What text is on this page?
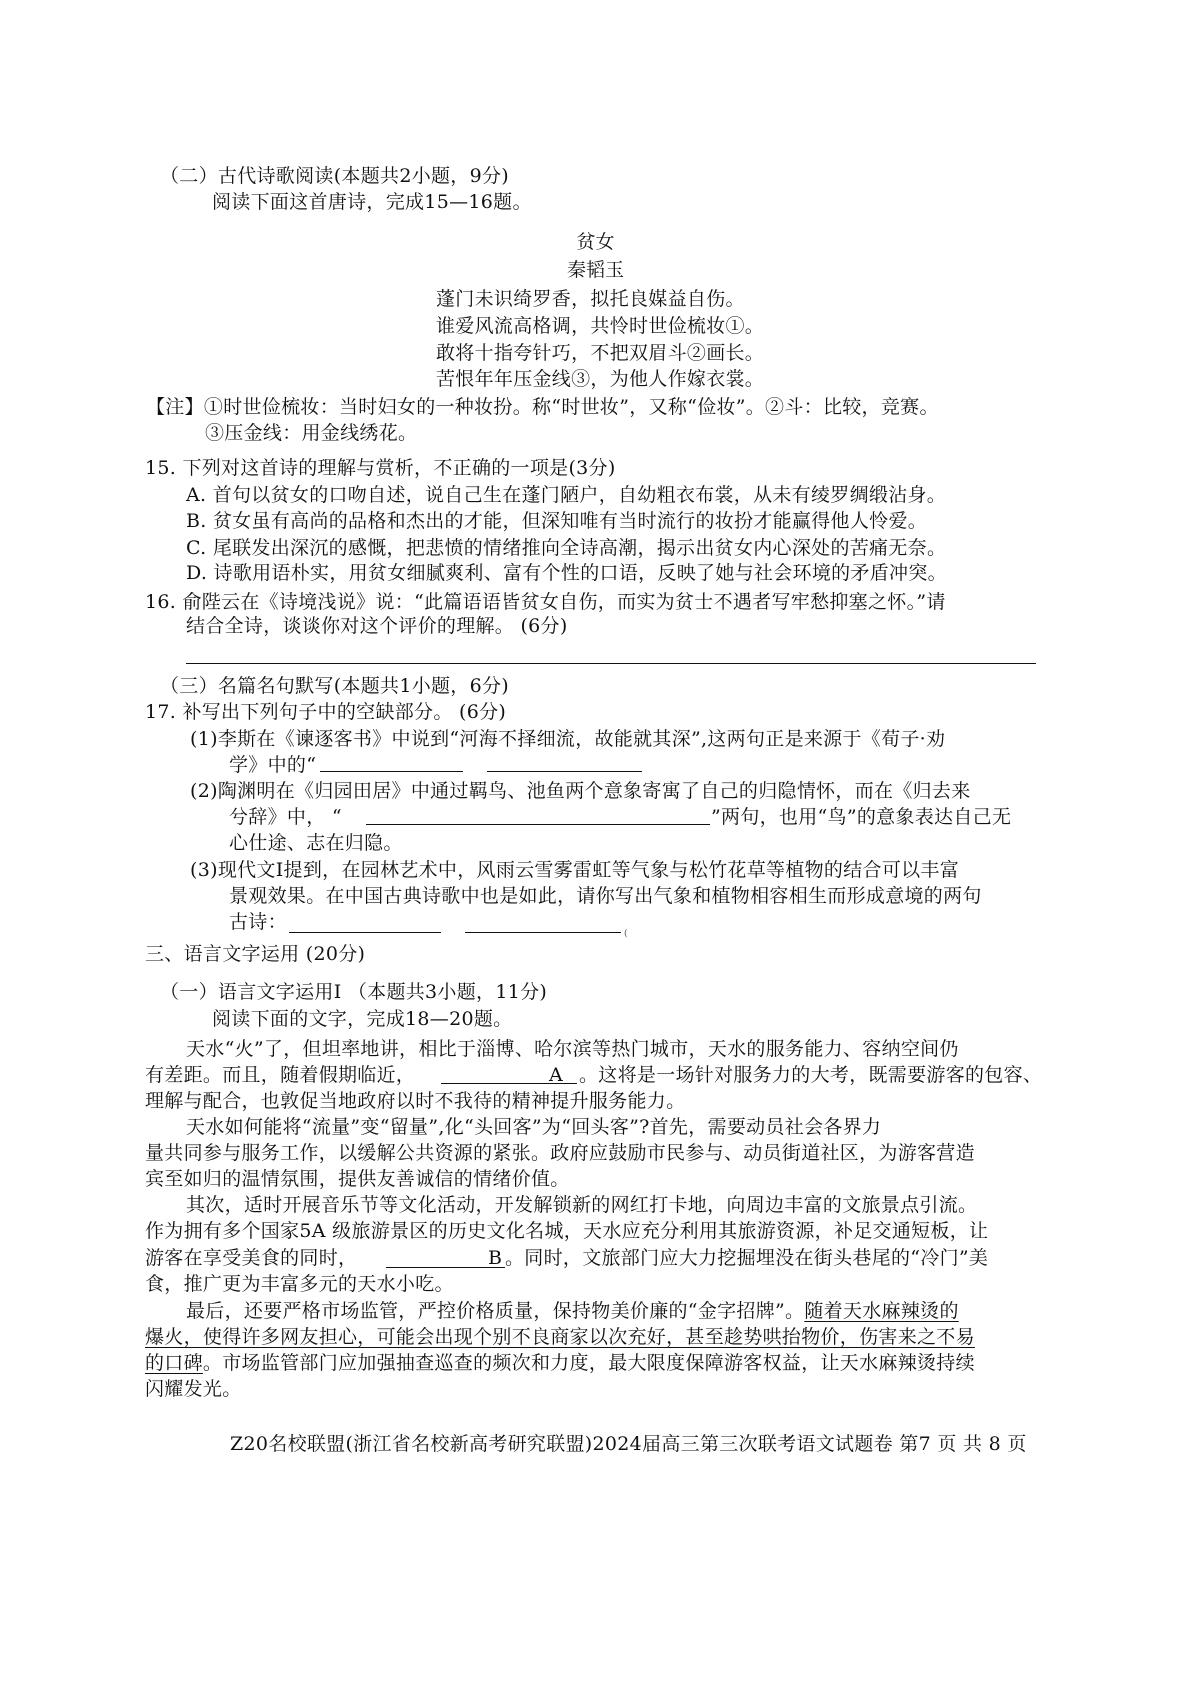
（二）古代诗歌阅读(本题共2小题，9分)
阅读下面这首唐诗，完成15—16题。
贫女
秦韬玉
蓬门未识绮罗香，拟托良媒益自伤。
谁爱风流高格调，共怜时世俭梳妆①。
敢将十指夸针巧，不把双眉斗②画长。
苦恨年年压金线③，为他人作嫁衣裳。
【注】①时世俭梳妆：当时妇女的一种妆扮。称“时世妆”，又称“俭妆”。②斗：比较，竞赛。
③压金线：用金线绣花。
15. 下列对这首诗的理解与赏析，不正确的一项是(3分)
A. 首句以贫女的口吻自述，说自己生在蓬门陋户，自幼粗衣布裳，从未有绫罗绸缎沾身。
B. 贫女虽有高尚的品格和杰出的才能，但深知唯有当时流行的妆扮才能赢得他人怜爱。
C. 尾联发出深沉的感慨，把悲愤的情绪推向全诗高潮，揭示出贫女内心深处的苦痛无奈。
D. 诗歌用语朴实，用贫女细腻爽利、富有个性的口语，反映了她与社会环境的矛盾冲突。
16. 俞陛云在《诗境浅说》说：“此篇语语皆贫女自伤，而实为贫士不遇者写牢愁抑塞之怀。”请
结合全诗，谈谈你对这个评价的理解。 (6分)
（三）名篇名句默写(本题共1小题，6分)
17. 补写出下列句子中的空缺部分。 (6分)
(1)李斯在《谏逐客书》中说到“河海不择细流，故能就其深”,这两句正是来源于《荀子·劝
学》中的“
(2)陶渊明在《归园田居》中通过羁鸟、池鱼两个意象寄寓了自己的归隐情怀，而在《归去来
兮辞》中， “	”两句，也用“鸟”的意象表达自己无
心仕途、志在归隐。
(3)现代文Ⅰ提到，在园林艺术中，风雨云雪雾雷虹等气象与松竹花草等植物的结合可以丰富
景观效果。在中国古典诗歌中也是如此，请你写出气象和植物相容相生而形成意境的两句
古诗：
(
三、语言文字运用 (20分)
（一）语言文字运用Ⅰ （本题共3小题，11分)
阅读下面的文字，完成18—20题。
天水“火”了，但坦率地讲，相比于淄博、哈尔滨等热门城市，天水的服务能力、容纳空间仍
有差距。而且，随着假期临近，	A 。这将是一场针对服务力的大考，既需要游客的包容、
理解与配合，也敦促当地政府以时不我待的精神提升服务能力。
天水如何能将“流量”变“留量”,化“头回客”为“回头客”?首先，需要动员社会各界力
量共同参与服务工作，以缓解公共资源的紧张。政府应鼓励市民参与、动员街道社区，为游客营造
宾至如归的温情氛围，提供友善诚信的情绪价值。
其次，适时开展音乐节等文化活动，开发解锁新的网红打卡地，向周边丰富的文旅景点引流。
作为拥有多个国家5A 级旅游景区的历史文化名城，天水应充分利用其旅游资源，补足交通短板，让
游客在享受美食的同时，	B 。同时，文旅部门应大力挖掘埋没在街头巷尾的“冷门”美
食，推广更为丰富多元的天水小吃。
最后，还要严格市场监管，严控价格质量，保持物美价廉的“金字招牌”。随着天水麻辣烫的
爆火，使得许多网友担心，可能会出现个别不良商家以次充好，甚至趁势哄抬物价，伤害来之不易
的口碑。市场监管部门应加强抽查巡查的频次和力度，最大限度保障游客权益，让天水麻辣烫持续
闪耀发光。
Z20名校联盟(浙江省名校新高考研究联盟)2024届高三第三次联考语文试题卷 第7 页 共 8 页
